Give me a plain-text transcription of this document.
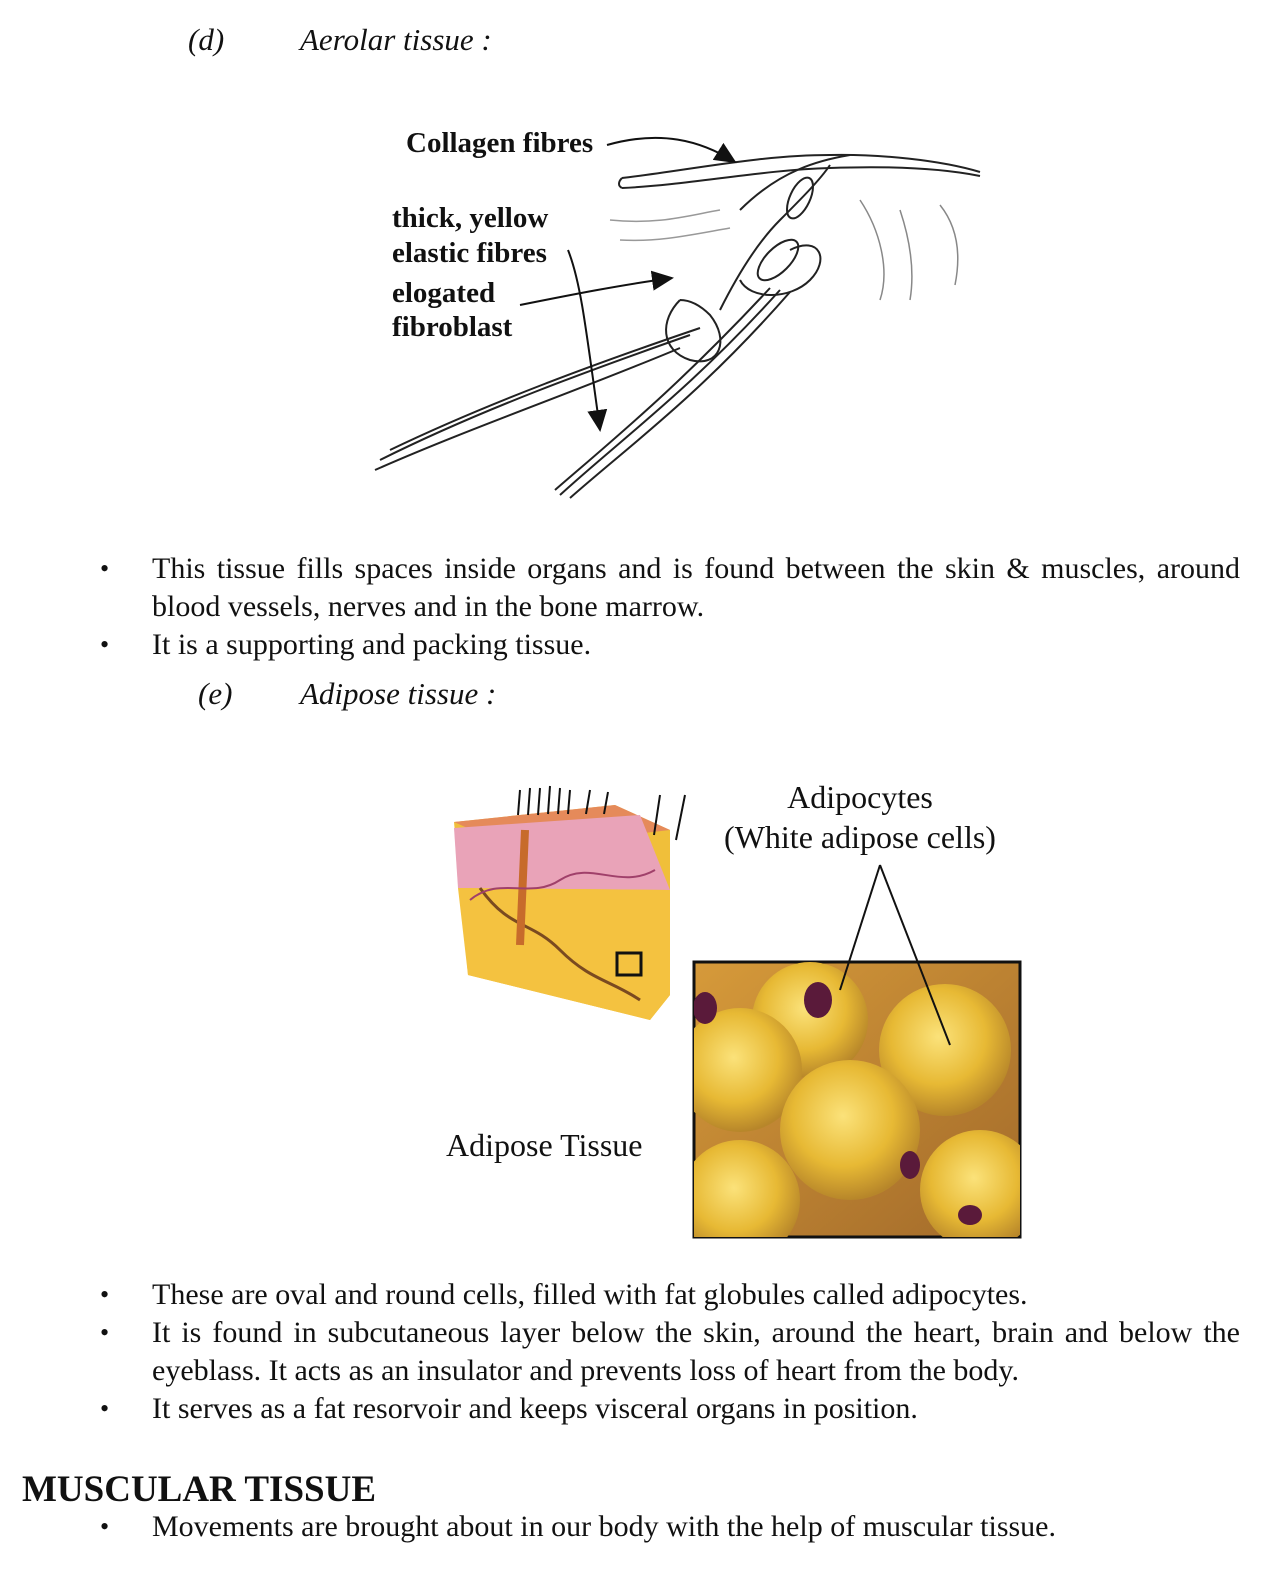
(d) Aerolar tissue :
Collagen fibres
thick, yellow
elastic fibres
elogated
fibroblast
• This tissue fills spaces inside organs and is found between the skin & muscles, around blood vessels, nerves and in the bone marrow.
• It is a supporting and packing tissue.
(e) Adipose tissue :
Adipocytes
(White adipose cells)
Adipose Tissue
• These are oval and round cells, filled with fat globules called adipocytes.
• It is found in subcutaneous layer below the skin, around the heart, brain and below the eyeblass. It acts as an insulator and prevents loss of heart from the body.
• It serves as a fat resorvoir and keeps visceral organs in position.
MUSCULAR TISSUE
• Movements are brought about in our body with the help of muscular tissue.
